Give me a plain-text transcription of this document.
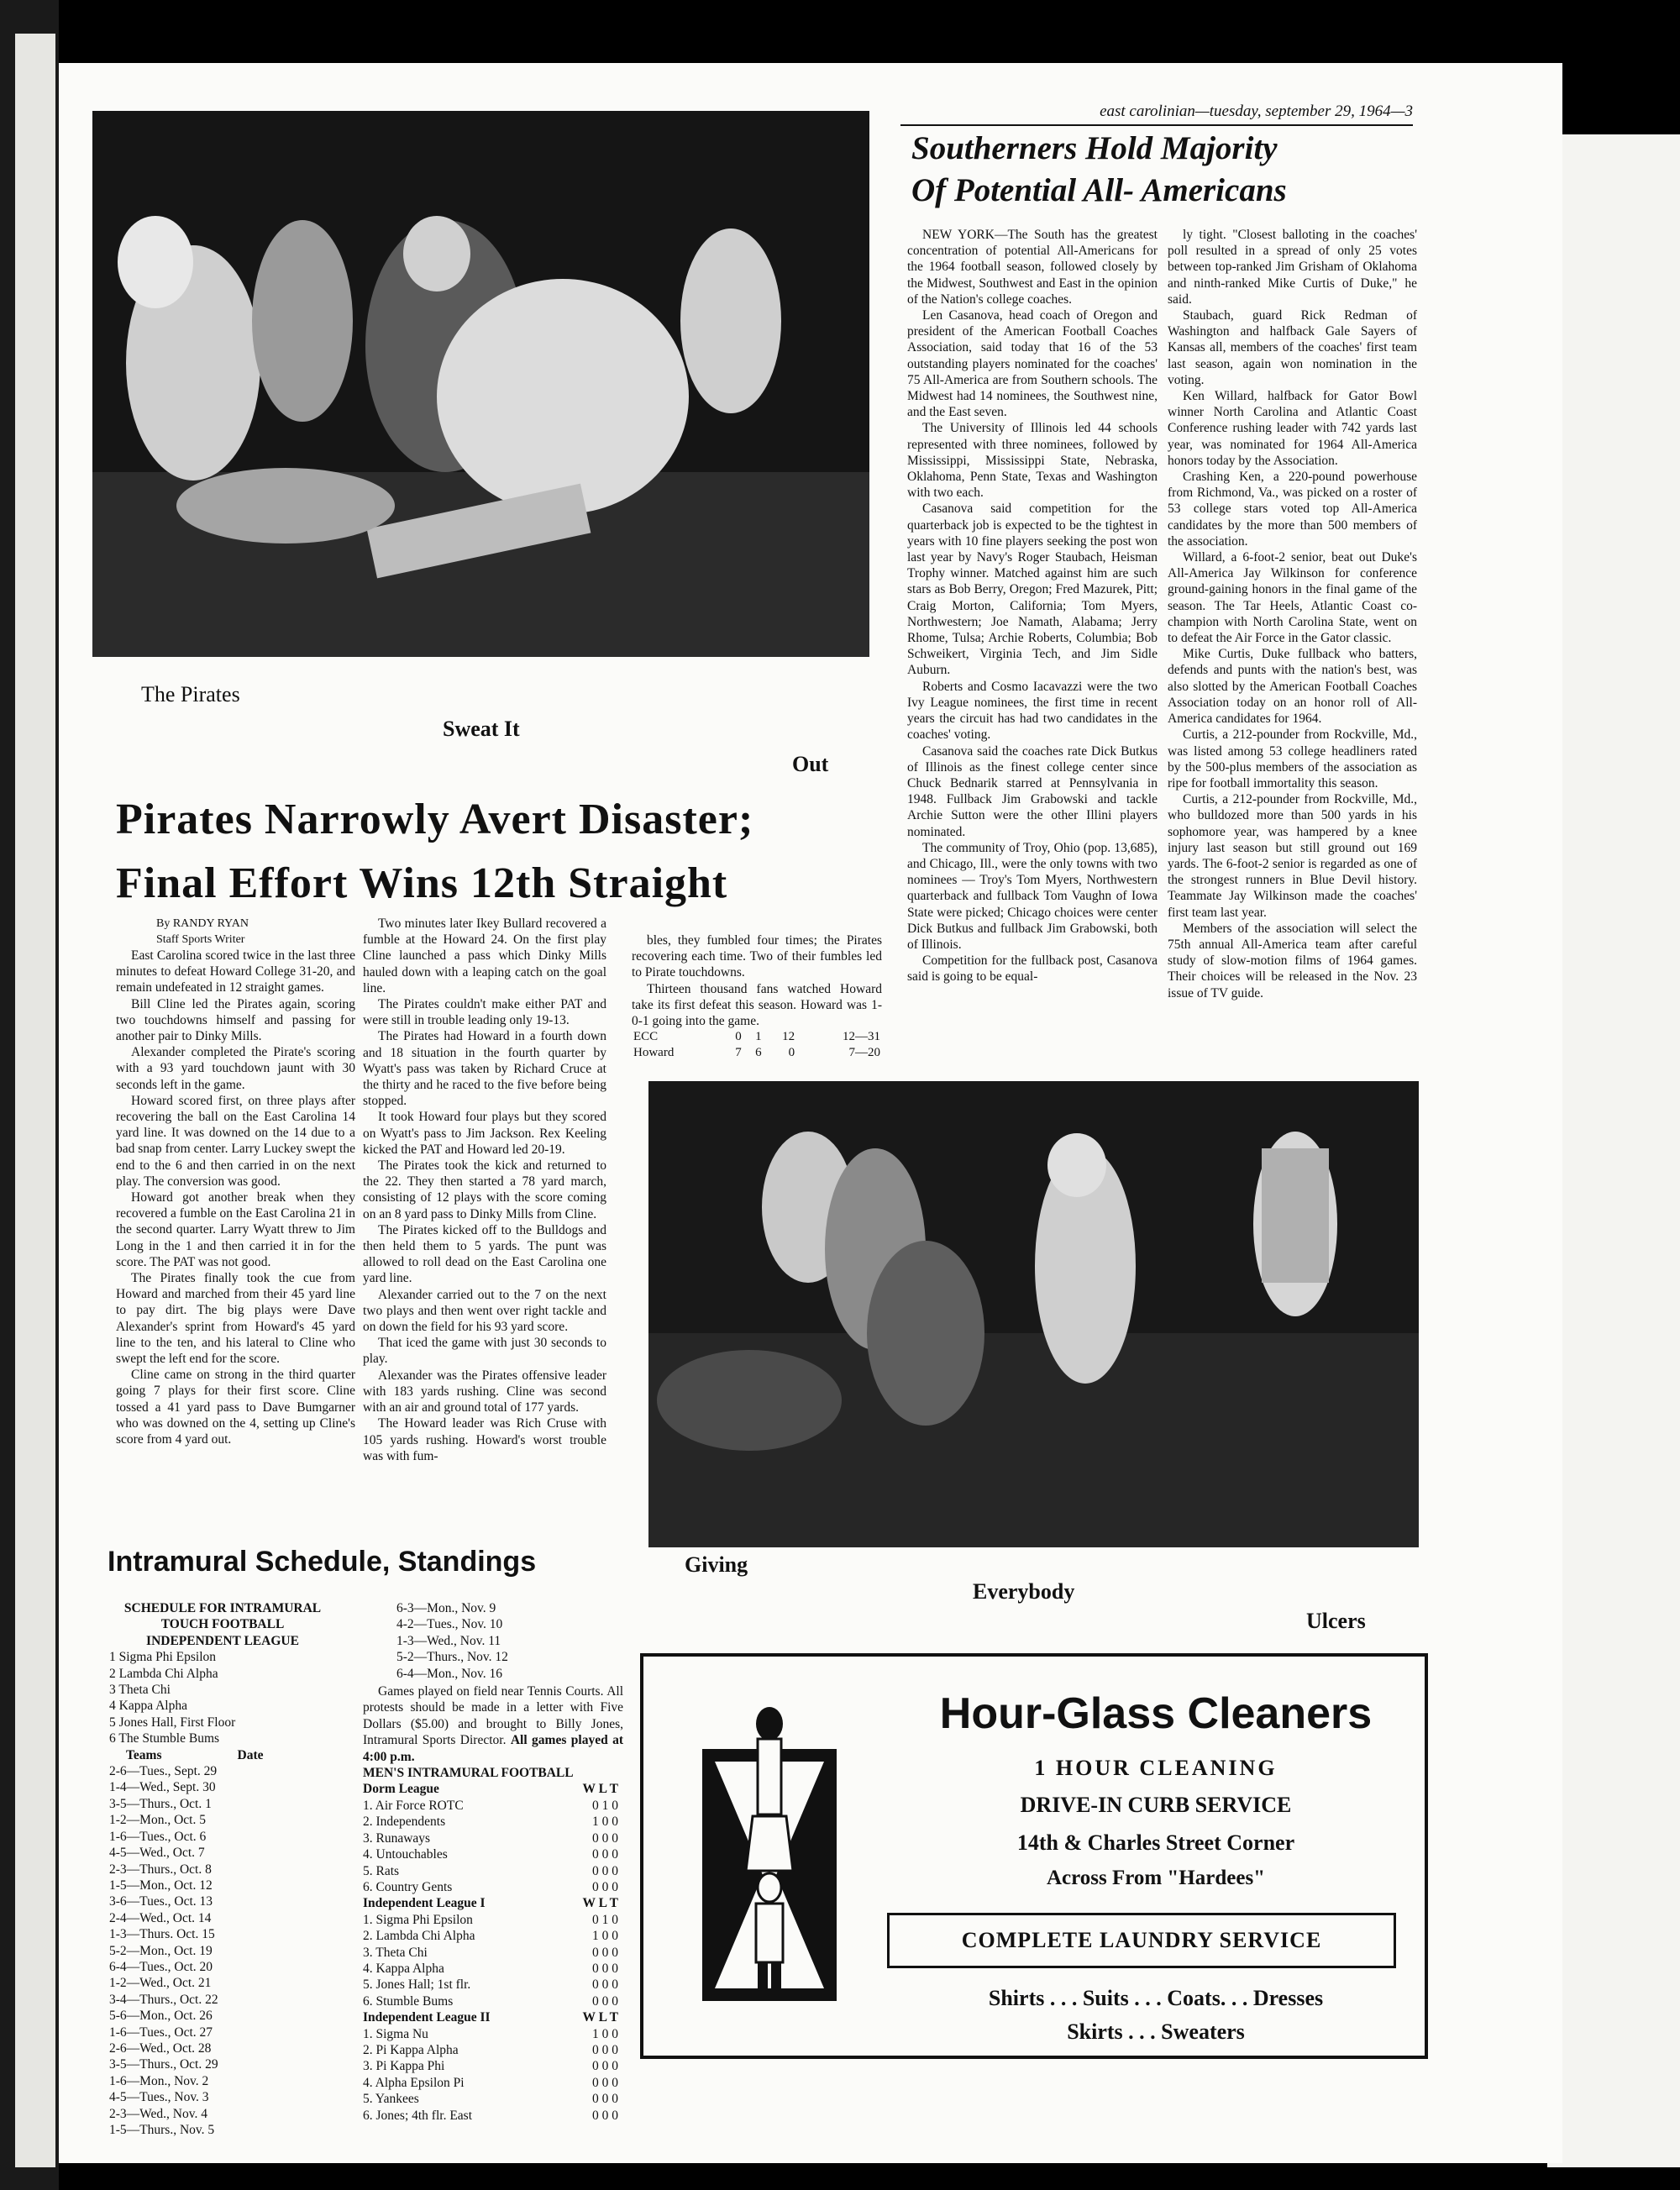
east carolinian—tuesday, september 29, 1964—3
The Pirates
Sweat It
Out
Southerners Hold Majority
Of Potential All- Americans

NEW YORK—The South has the greatest concentration of potential All-Americans for the 1964 football season, followed closely by the Midwest, Southwest and East in the opinion of the Nation's college coaches.

Len Casanova, head coach of Oregon and president of the American Football Coaches Association, said today that 16 of the 53 outstanding players nominated for the coaches' 75 All-America are from Southern schools. The Midwest had 14 nominees, the Southwest nine, and the East seven.

The University of Illinois led 44 schools represented with three nominees, followed by Mississippi, Mississippi State, Nebraska, Oklahoma, Penn State, Texas and Washington with two each.

Casanova said competition for the quarterback job is expected to be the tightest in years with 10 fine players seeking the post won last year by Navy's Roger Staubach, Heisman Trophy winner. Matched against him are such stars as Bob Berry, Oregon; Fred Mazurek, Pitt; Craig Morton, California; Tom Myers, Northwestern; Joe Namath, Alabama; Jerry Rhome, Tulsa; Archie Roberts, Columbia; Bob Schweikert, Virginia Tech, and Jim Sidle Auburn.

Roberts and Cosmo Iacavazzi were the two Ivy League nominees, the first time in recent years the circuit has had two candidates in the coaches' voting.

Casanova said the coaches rate Dick Butkus of Illinois as the finest college center since Chuck Bednarik starred at Pennsylvania in 1948. Fullback Jim Grabowski and tackle Archie Sutton were the other Illini players nominated.

The community of Troy, Ohio (pop. 13,685), and Chicago, Ill., were the only towns with two nominees — Troy's Tom Myers, Northwestern quarterback and fullback Tom Vaughn of Iowa State were picked; Chicago choices were center Dick Butkus and fullback Jim Grabowski, both of Illinois.

Competition for the fullback post, Casanova said is going to be equal-

ly tight. "Closest balloting in the coaches' poll resulted in a spread of only 25 votes between top-ranked Jim Grisham of Oklahoma and ninth-ranked Mike Curtis of Duke," he said.

Staubach, guard Rick Redman of Washington and halfback Gale Sayers of Kansas all, members of the coaches' first team last season, again won nomination in the voting.

Ken Willard, halfback for Gator Bowl winner North Carolina and Atlantic Coast Conference rushing leader with 742 yards last year, was nominated for 1964 All-America honors today by the Association.

Crashing Ken, a 220-pound powerhouse from Richmond, Va., was picked on a roster of 53 college stars voted top All-America candidates by the more than 500 members of the association.

Willard, a 6-foot-2 senior, beat out Duke's All-America Jay Wilkinson for conference ground-gaining honors in the final game of the season. The Tar Heels, Atlantic Coast co-champion with North Carolina State, went on to defeat the Air Force in the Gator classic.

Mike Curtis, Duke fullback who batters, defends and punts with the nation's best, was also slotted by the American Football Coaches Association today on an honor roll of All-America candidates for 1964.

Curtis, a 212-pounder from Rockville, Md., was listed among 53 college headliners rated by the 500-plus members of the association as ripe for football immortality this season.

Curtis, a 212-pounder from Rockville, Md., who bulldozed more than 500 yards in his sophomore year, was hampered by a knee injury last season but still ground out 169 yards. The 6-foot-2 senior is regarded as one of the strongest runners in Blue Devil history. Teammate Jay Wilkinson made the coaches' first team last year.

Members of the association will select the 75th annual All-America team after careful study of slow-motion films of 1964 games. Their choices will be released in the Nov. 23 issue of TV guide.

Pirates Narrowly Avert Disaster;
Final Effort Wins 12th Straight
By RANDY RYAN
Staff Sports Writer

East Carolina scored twice in the last three minutes to defeat Howard College 31-20, and remain undefeated in 12 straight games.

Bill Cline led the Pirates again, scoring two touchdowns himself and passing for another pair to Dinky Mills.

Alexander completed the Pirate's scoring with a 93 yard touchdown jaunt with 30 seconds left in the game.

Howard scored first, on three plays after recovering the ball on the East Carolina 14 yard line. It was downed on the 14 due to a bad snap from center. Larry Luckey swept the end to the 6 and then carried in on the next play. The conversion was good.

Howard got another break when they recovered a fumble on the East Carolina 21 in the second quarter. Larry Wyatt threw to Jim Long in the 1 and then carried it in for the score. The PAT was not good.

The Pirates finally took the cue from Howard and marched from their 45 yard line to pay dirt. The big plays were Dave Alexander's sprint from Howard's 45 yard line to the ten, and his lateral to Cline who swept the left end for the score.

Cline came on strong in the third quarter going 7 plays for their first score. Cline tossed a 41 yard pass to Dave Bumgarner who was downed on the 4, setting up Cline's score from 4 yard out.

Two minutes later Ikey Bullard recovered a fumble at the Howard 24. On the first play Cline launched a pass which Dinky Mills hauled down with a leaping catch on the goal line.

The Pirates couldn't make either PAT and were still in trouble leading only 19-13.

The Pirates had Howard in a fourth down and 18 situation in the fourth quarter by Wyatt's pass was taken by Richard Cruce at the thirty and he raced to the five before being stopped.

It took Howard four plays but they scored on Wyatt's pass to Jim Jackson. Rex Keeling kicked the PAT and Howard led 20-19.

The Pirates took the kick and returned to the 22. They then started a 78 yard march, consisting of 12 plays with the score coming on an 8 yard pass to Dinky Mills from Cline.

The Pirates kicked off to the Bulldogs and then held them to 5 yards. The punt was allowed to roll dead on the East Carolina one yard line.

Alexander carried out to the 7 on the next two plays and then went over right tackle and on down the field for his 93 yard score.

That iced the game with just 30 seconds to play.

Alexander was the Pirates offensive leader with 183 yards rushing. Cline was second with an air and ground total of 177 yards.

The Howard leader was Rich Cruse with 105 yards rushing. Howard's worst trouble was with fum-

bles, they fumbled four times; the Pirates recovering each time. Two of their fumbles led to Pirate touchdowns.

Thirteen thousand fans watched Howard take its first defeat this season. Howard was 1-0-1 going into the game.

ECC	0	1	12	12—31
Howard	7	6	0	7—20
Giving
Everybody
Ulcers
Intramural Schedule, Standings
SCHEDULE FOR INTRAMURAL
TOUCH FOOTBALL
INDEPENDENT LEAGUE
1 Sigma Phi Epsilon
2 Lambda Chi Alpha
3 Theta Chi
4 Kappa Alpha
5 Jones Hall, First Floor
6 The Stumble Bums
Teams	Date
2-6—Tues., Sept. 29
1-4—Wed., Sept. 30
3-5—Thurs., Oct. 1
1-2—Mon., Oct. 5
1-6—Tues., Oct. 6
4-5—Wed., Oct. 7
2-3—Thurs., Oct. 8
1-5—Mon., Oct. 12
3-6—Tues., Oct. 13
2-4—Wed., Oct. 14
1-3—Thurs. Oct. 15
5-2—Mon., Oct. 19
6-4—Tues., Oct. 20
1-2—Wed., Oct. 21
3-4—Thurs., Oct. 22
5-6—Mon., Oct. 26
1-6—Tues., Oct. 27
2-6—Wed., Oct. 28
3-5—Thurs., Oct. 29
1-6—Mon., Nov. 2
4-5—Tues., Nov. 3
2-3—Wed., Nov. 4
1-5—Thurs., Nov. 5
6-3—Mon., Nov. 9
4-2—Tues., Nov. 10
1-3—Wed., Nov. 11
5-2—Thurs., Nov. 12
6-4—Mon., Nov. 16

Games played on field near Tennis Courts. All protests should be made in a letter with Five Dollars ($5.00) and brought to Billy Jones, Intramural Sports Director. All games played at 4:00 p.m.

MEN'S INTRAMURAL FOOTBALL
Dorm League	W L T
1. Air Force ROTC	0 1 0
2. Independents	1 0 0
3. Runaways	0 0 0
4. Untouchables	0 0 0
5. Rats	0 0 0
6. Country Gents	0 0 0
Independent League I	W L T
1. Sigma Phi Epsilon	0 1 0
2. Lambda Chi Alpha	1 0 0
3. Theta Chi	0 0 0
4. Kappa Alpha	0 0 0
5. Jones Hall; 1st flr.	0 0 0
6. Stumble Bums	0 0 0
Independent League II	W L T
1. Sigma Nu	1 0 0
2. Pi Kappa Alpha	0 0 0
3. Pi Kappa Phi	0 0 0
4. Alpha Epsilon Pi	0 0 0
5. Yankees	0 0 0
6. Jones; 4th flr. East	0 0 0
Hour-Glass Cleaners
1 HOUR CLEANING
DRIVE-IN CURB SERVICE
14th & Charles Street Corner
Across From "Hardees"
COMPLETE LAUNDRY SERVICE
Shirts . . . Suits . . . Coats. . . Dresses
Skirts . . . Sweaters
